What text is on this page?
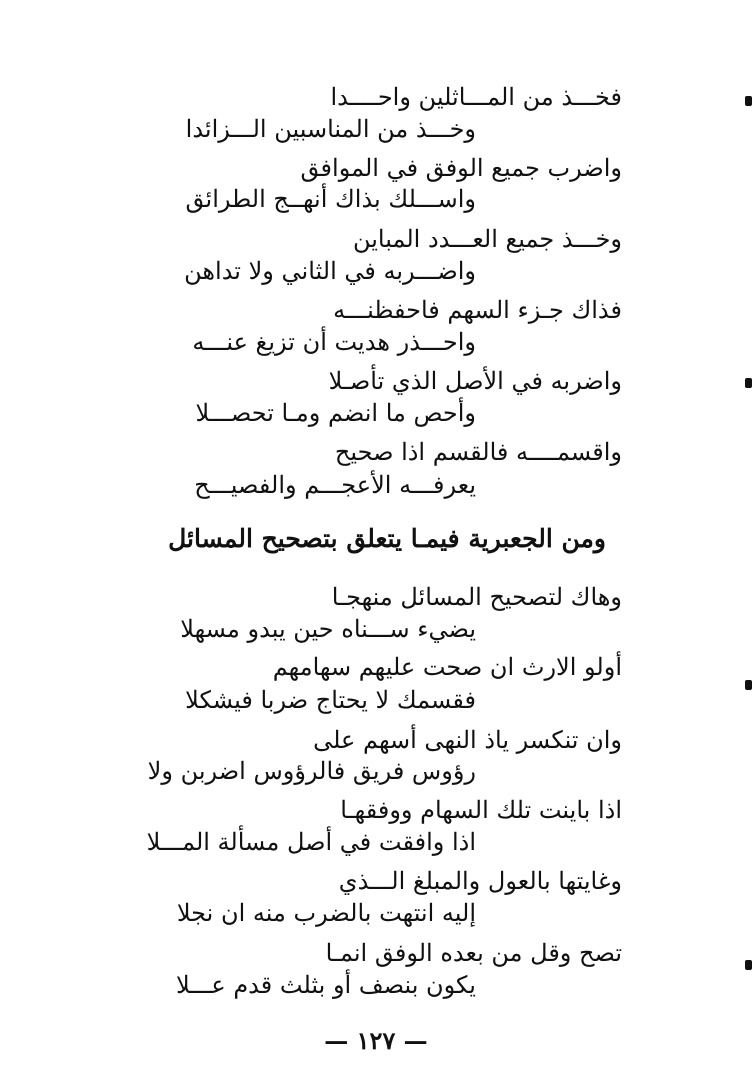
فخـــذ من المـــاثلين واحــــدا
وخـــذ من المناسبين الـــزائدا
واضرب جميع الوفق في الموافق
واســـلك بذاك أنهــج الطرائق
وخـــذ جميع العـــدد المباين
واضـــربه في الثاني ولا تداهن
فذاك جـزء السهم فاحفظنـــه
واحـــذر هديت أن تزيغ عنـــه
واضربه في الأصل الذي تأصـلا
وأحص ما انضم ومـا تحصـــلا
واقسمــــه فالقسم اذا صحيح
يعرفـــه الأعجـــم والفصيـــح
ومن الجعبرية فيمـا يتعلق بتصحيح المسائل
وهاك لتصحيح المسائل منهجـا
يضيء ســـناه حين يبدو مسهلا
أولو الارث ان صحت عليهم سهامهم
فقسمك لا يحتاج ضربا فيشكلا
وان تنكسر ياذ النهى أسهم على
رؤوس فريق فالرؤوس اضربن ولا
اذا باينت تلك السهام ووفقهـا
اذا وافقت في أصل مسألة المـــلا
وغايتها بالعول والمبلغ الـــذي
إليه انتهت بالضرب منه ان نجلا
تصح وقل من بعده الوفق انمـا
يكون بنصف أو بثلث قدم عـــلا
— ١٢٧ —
